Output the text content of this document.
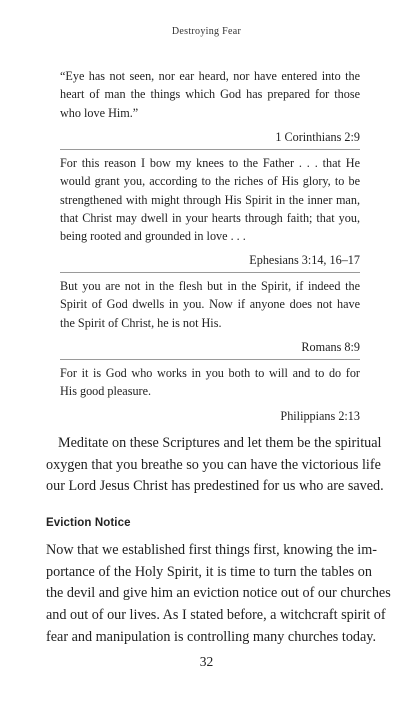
Destroying Fear

“Eye has not seen, nor ear heard, nor have entered into the
heart of man the things which God has prepared for those
who love Him.”

1 Corinthians 2:9

For this reason I bow my knees to the Father . . . that He
would grant you, according to the riches of His glory, to be
strengthened with might through His Spirit in the inner man,
that Christ may dwell in your hearts through faith; that you,
being rooted and grounded in love . . .

Ephesians 3:14, 16–17

But you are not in the flesh but in the Spirit, if indeed the
Spirit of God dwells in you. Now if anyone does not have
the Spirit of Christ, he is not His.

Romans 8:9

For it is God who works in you both to will and to do for
His good pleasure.

Philippians 2:13

Meditate on these Scriptures and let them be the spiritual
oxygen that you breathe so you can have the victorious life
our Lord Jesus Christ has predestined for us who are saved.

Eviction Notice

Now that we established first things first, knowing the im-
portance of the Holy Spirit, it is time to turn the tables on
the devil and give him an eviction notice out of our churches
and out of our lives. As I stated before, a witchcraft spirit of
fear and manipulation is controlling many churches today.

32
